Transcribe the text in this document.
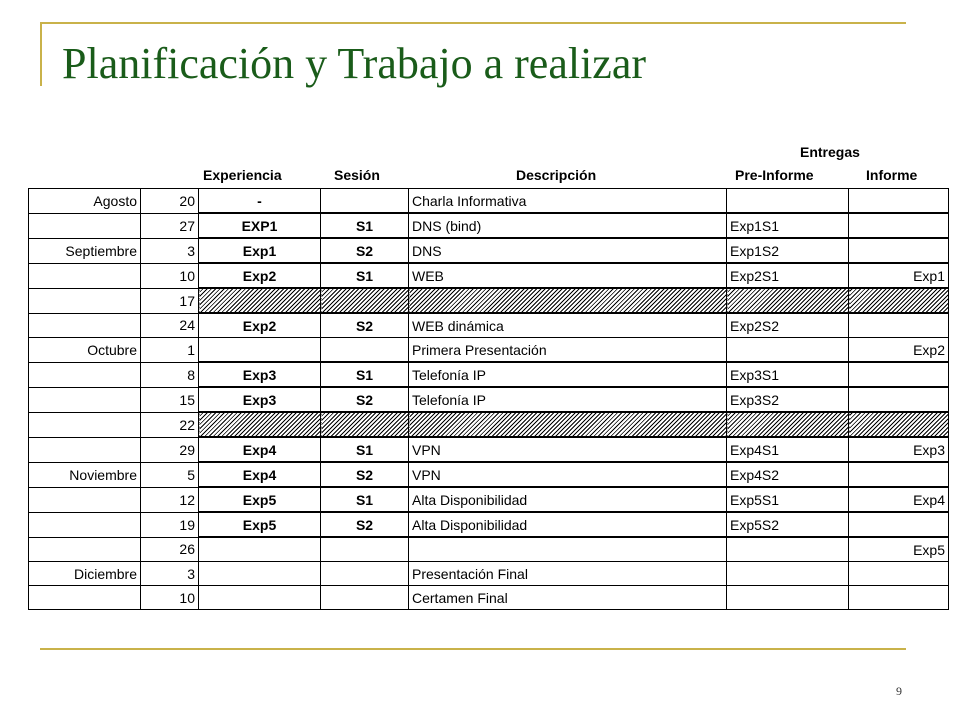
Planificación y Trabajo a realizar
Entregas
Experiencia	Sesión	Descripción	Pre-Informe	Informe
Agosto	20	-		Charla Informativa		
	27	EXP1	S1	DNS (bind)	Exp1S1	
Septiembre	3	Exp1	S2	DNS	Exp1S2	
	10	Exp2	S1	WEB	Exp2S1	Exp1
	17					
	24	Exp2	S2	WEB dinámica	Exp2S2	
Octubre	1			Primera Presentación		Exp2
	8	Exp3	S1	Telefonía IP	Exp3S1	
	15	Exp3	S2	Telefonía IP	Exp3S2	
	22					
	29	Exp4	S1	VPN	Exp4S1	Exp3
Noviembre	5	Exp4	S2	VPN	Exp4S2	
	12	Exp5	S1	Alta Disponibilidad	Exp5S1	Exp4
	19	Exp5	S2	Alta Disponibilidad	Exp5S2	
	26					Exp5
Diciembre	3			Presentación Final		
	10			Certamen Final		
9
